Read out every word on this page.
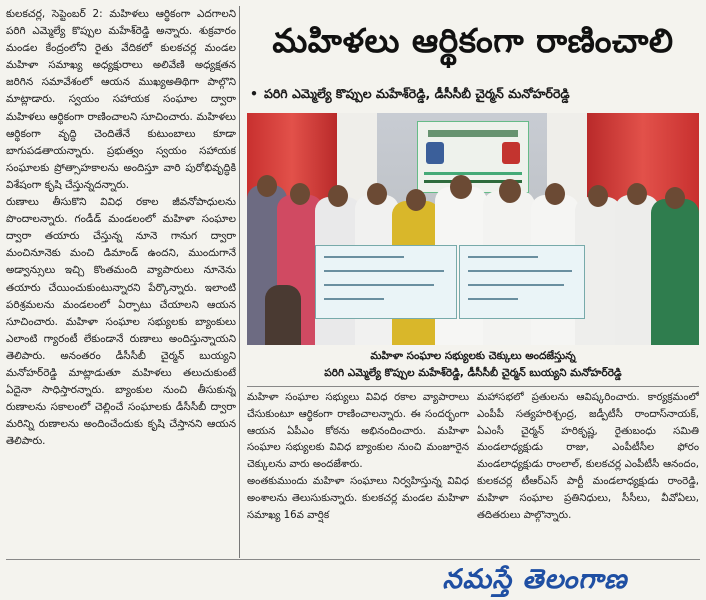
కులకచర్ల, సెప్టెంబర్ 2: మహిళలు ఆర్థికంగా ఎదగాలని పరిగి ఎమ్మెల్యే కొప్పుల మహేశ్‌రెడ్డి అన్నారు. శుక్రవారం మండల కేంద్రంలోని రైతు వేదికలో కులకచర్ల మండల మహిళా సమాఖ్య అధ్యక్షురాలు అలివేణి అధ్యక్షతన జరిగిన సమావేశంలో ఆయన ముఖ్యఅతిథిగా పాల్గొని మాట్లాడారు. స్వయం సహాయక సంఘాల ద్వారా మహిళలు ఆర్థికంగా రాణించాలని సూచించారు. మహిళలు ఆర్థికంగా వృద్ధి చెందితేనే కుటుంబాలు కూడా బాగుపడతాయన్నారు. ప్రభుత్వం స్వయం సహాయక సంఘాలకు ప్రోత్సాహకాలను అందిస్తూ వారి పురోభివృద్ధికి విశేషంగా కృషి చేస్తున్నదన్నారు.

రుణాలు తీసుకొని వివిధ రకాల జీవనోపాధులను పొందాలన్నారు. గండీడ్ మండలంలో మహిళా సంఘాల ద్వారా తయారు చేస్తున్న నూనె గానుగ ద్వారా మంచినూనెకు మంచి డిమాండ్ ఉందని, ముందుగానే అడ్వాన్సులు ఇచ్చి కొంతమంది వ్యాపారులు నూనెను తయారు చేయించుకుంటున్నారని పేర్కొన్నారు. ఇలాంటి పరిశ్రమలను మండలంలో ఏర్పాటు చేయాలని ఆయన సూచించారు. మహిళా సంఘాల సభ్యులకు బ్యాంకులు ఎలాంటి గ్యారంటీ లేకుండానే రుణాలు అందిస్తున్నాయని తెలిపారు. అనంతరం డీసీసీబీ చైర్మన్ బుయ్యని మనోహర్‌రెడ్డి మాట్లాడుతూ మహిళలు తలుచుకుంటే ఏదైనా సాధిస్తారన్నారు. బ్యాంకుల నుంచి తీసుకున్న రుణాలను సకాలంలో చెల్లించే సంఘాలకు డీసీసీబీ ద్వారా మరిన్ని రుణాలను అందించేందుకు కృషి చేస్తానని ఆయన తెలిపారు.

మహిళలు ఆర్థికంగా రాణించాలి
• పరిగి ఎమ్మెల్యే కొప్పుల మహేశ్‌రెడ్డి, డీసీసీబీ చైర్మన్ మనోహర్‌రెడ్డి
మహిళా సంఘాల సభ్యులకు చెక్కులు అందజేస్తున్న
పరిగి ఎమ్మెల్యే కొప్పుల మహేశ్‌రెడ్డి, డీసీసీబీ చైర్మన్ బుయ్యని మనోహర్‌రెడ్డి

మహిళా సంఘాల సభ్యులు వివిధ రకాల వ్యాపారాలు చేసుకుంటూ ఆర్థికంగా రాణించాలన్నారు. ఈ సందర్భంగా ఆయన ఏపీఎం కోఠను అభినందించారు. మహిళా సంఘాల సభ్యులకు వివిధ బ్యాంకుల నుంచి మంజూరైన చెక్కులను వారు అందజేశారు.

అంతకుముందు మహిళా సంఘాలు నిర్వహిస్తున్న వివిధ అంశాలను తెలుసుకున్నారు. కులకచర్ల మండల మహిళా సమాఖ్య 16వ వార్షిక

మహాసభలో ప్రతులను ఆవిష్కరించారు. కార్యక్రమంలో ఎంపీపీ సత్యహరిశ్చంద్ర, జడ్పీటీసీ రాందాస్‌నాయక్, ఏఎంసీ చైర్మన్ హరికృష్ణ, రైతుబంధు సమితి మండలాధ్యక్షుడు రాజు, ఎంపీటీసీల ఫోరం మండలాధ్యక్షుడు రాంలాల్, కులకచర్ల ఎంపీటీసీ ఆనందం, కులకచర్ల టీఆర్ఎస్ పార్టీ మండలాధ్యక్షుడు రాంరెడ్డి, మహిళా సంఘాల ప్రతినిధులు, సీసీలు, వీవోఏలు, తదితరులు పాల్గొన్నారు.

నమస్తే తెలంగాణ
